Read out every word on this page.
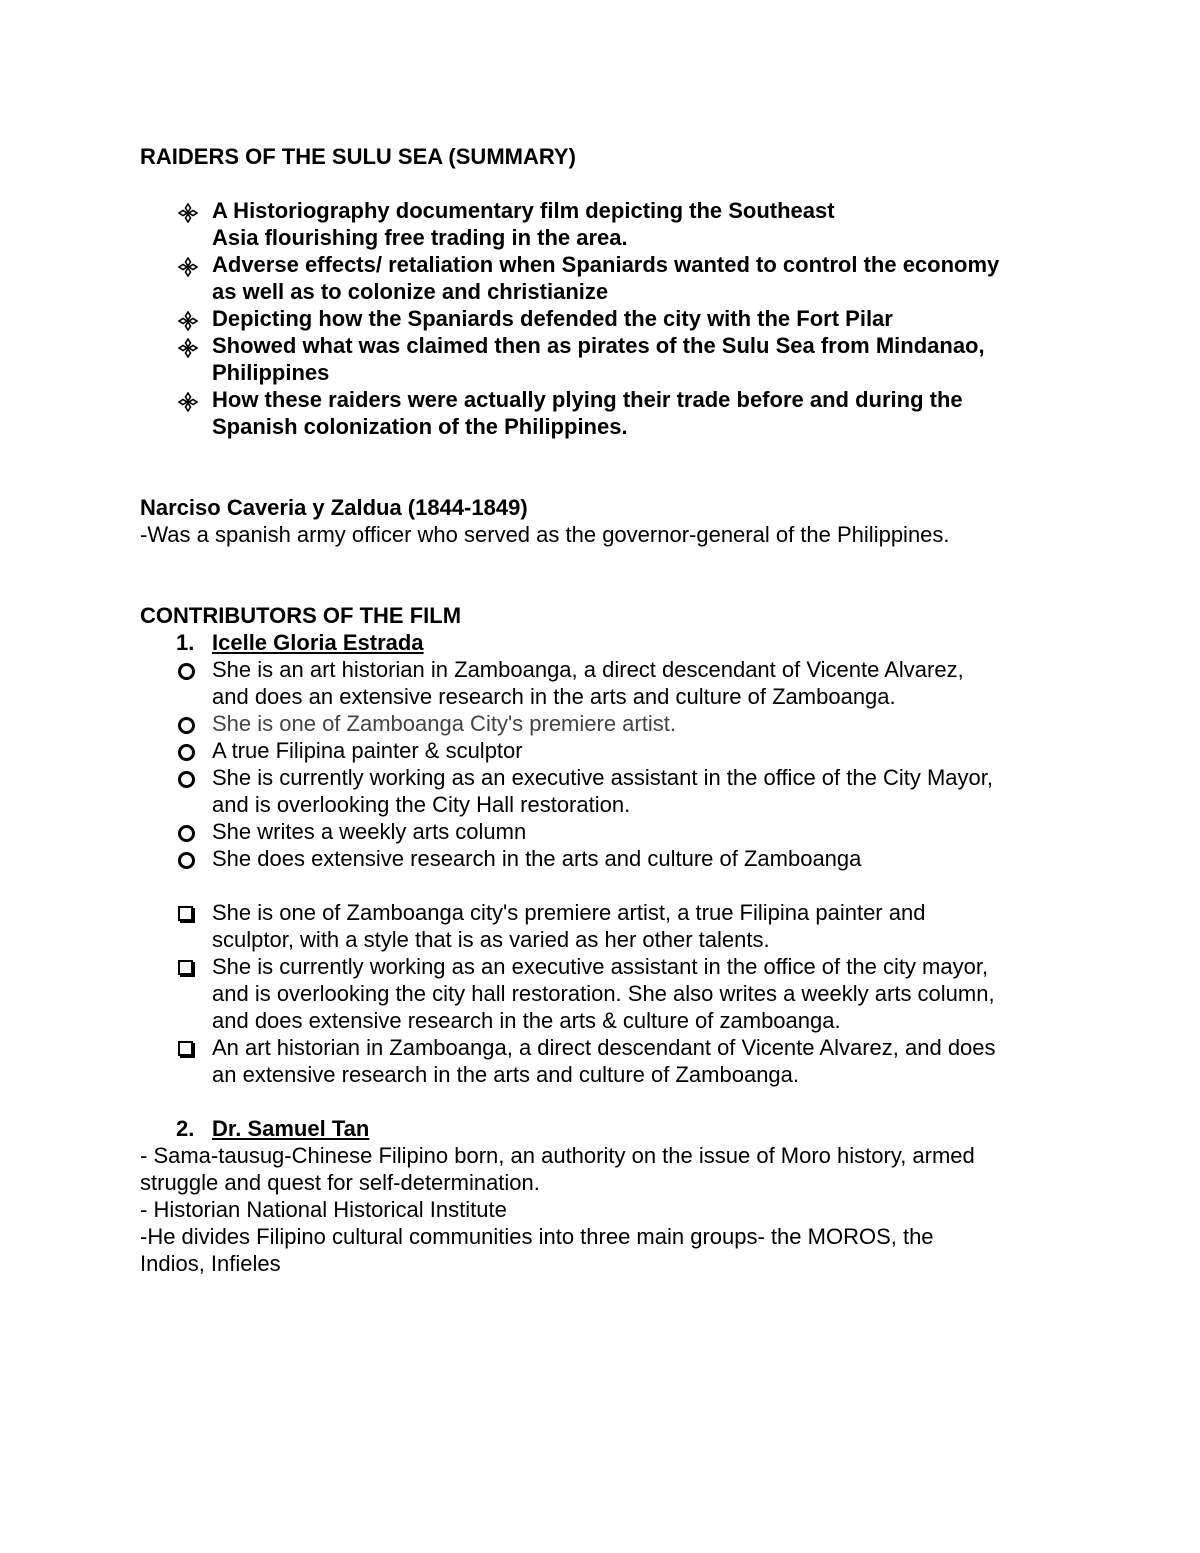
RAIDERS OF THE SULU SEA (SUMMARY)
A Historiography documentary film depicting the Southeast
Asia flourishing free trading in the area.
Adverse effects/ retaliation when Spaniards wanted to control the economy
as well as to colonize and christianize
Depicting how the Spaniards defended the city with the Fort Pilar
Showed what was claimed then as pirates of the Sulu Sea from Mindanao,
Philippines
How these raiders were actually plying their trade before and during the
Spanish colonization of the Philippines.
Narciso Caveria y Zaldua (1844-1849)
-Was a spanish army officer who served as the governor-general of the Philippines.
CONTRIBUTORS OF THE FILM
1. Icelle Gloria Estrada
She is an art historian in Zamboanga, a direct descendant of Vicente Alvarez,
and does an extensive research in the arts and culture of Zamboanga.
She is one of Zamboanga City's premiere artist.
A true Filipina painter & sculptor
She is currently working as an executive assistant in the office of the City Mayor,
and is overlooking the City Hall restoration.
She writes a weekly arts column
She does extensive research in the arts and culture of Zamboanga
She is one of Zamboanga city's premiere artist, a true Filipina painter and
sculptor, with a style that is as varied as her other talents.
She is currently working as an executive assistant in the office of the city mayor,
and is overlooking the city hall restoration. She also writes a weekly arts column,
and does extensive research in the arts & culture of zamboanga.
An art historian in Zamboanga, a direct descendant of Vicente Alvarez, and does
an extensive research in the arts and culture of Zamboanga.
2. Dr. Samuel Tan
- Sama-tausug-Chinese Filipino born, an authority on the issue of Moro history, armed
struggle and quest for self-determination.
- Historian National Historical Institute
-He divides Filipino cultural communities into three main groups- the MOROS, the
Indios, Infieles
